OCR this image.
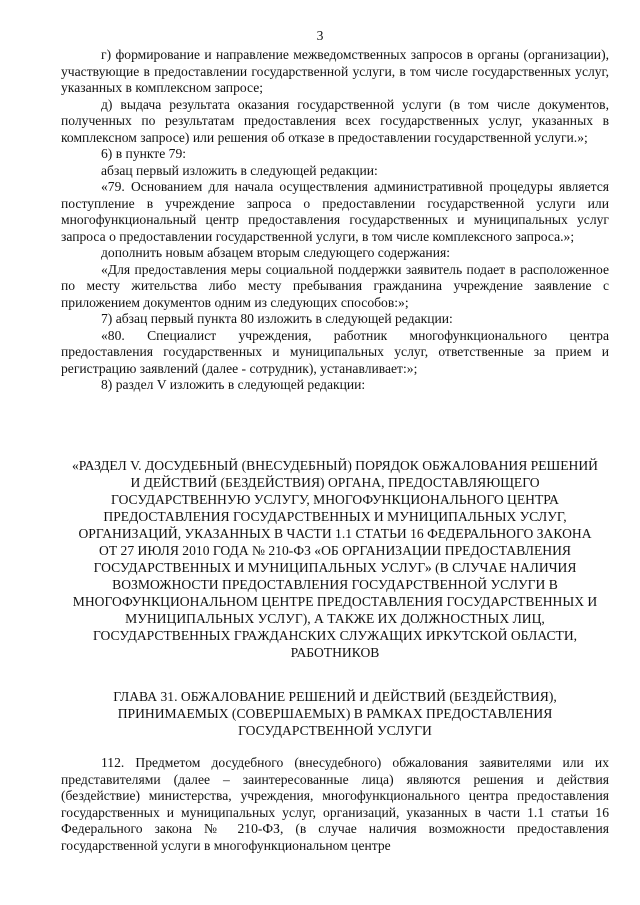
3

г) формирование и направление межведомственных запросов в органы (организации), участвующие в предоставлении государственной услуги, в том числе государственных услуг, указанных в комплексном запросе;

д) выдача результата оказания государственной услуги (в том числе документов, полученных по результатам предоставления всех государственных услуг, указанных в комплексном запросе) или решения об отказе в предоставлении государственной услуги.»;

6) в пункте 79:

абзац первый изложить в следующей редакции:

«79. Основанием для начала осуществления административной процедуры является поступление в учреждение запроса о предоставлении государственной услуги или многофункциональный центр предоставления государственных и муниципальных услуг запроса о предоставлении государственной услуги, в том числе комплексного запроса.»;

дополнить новым абзацем вторым следующего содержания:

«Для предоставления меры социальной поддержки заявитель подает в расположенное по месту жительства либо месту пребывания гражданина учреждение заявление с приложением документов одним из следующих способов:»;

7) абзац первый пункта 80 изложить в следующей редакции:

«80. Специалист учреждения, работник многофункционального центра предоставления государственных и муниципальных услуг, ответственные за прием и регистрацию заявлений (далее - сотрудник), устанавливает:»;

8) раздел V изложить в следующей редакции:

«РАЗДЕЛ V. ДОСУДЕБНЫЙ (ВНЕСУДЕБНЫЙ) ПОРЯДОК ОБЖАЛОВАНИЯ РЕШЕНИЙ И ДЕЙСТВИЙ (БЕЗДЕЙСТВИЯ) ОРГАНА, ПРЕДОСТАВЛЯЮЩЕГО ГОСУДАРСТВЕННУЮ УСЛУГУ, МНОГОФУНКЦИОНАЛЬНОГО ЦЕНТРА ПРЕДОСТАВЛЕНИЯ ГОСУДАРСТВЕННЫХ И МУНИЦИПАЛЬНЫХ УСЛУГ, ОРГАНИЗАЦИЙ, УКАЗАННЫХ В ЧАСТИ 1.1 СТАТЬИ 16 ФЕДЕРАЛЬНОГО ЗАКОНА ОТ 27 ИЮЛЯ 2010 ГОДА № 210-ФЗ «ОБ ОРГАНИЗАЦИИ ПРЕДОСТАВЛЕНИЯ ГОСУДАРСТВЕННЫХ И МУНИЦИПАЛЬНЫХ УСЛУГ» (В СЛУЧАЕ НАЛИЧИЯ ВОЗМОЖНОСТИ ПРЕДОСТАВЛЕНИЯ ГОСУДАРСТВЕННОЙ УСЛУГИ В МНОГОФУНКЦИОНАЛЬНОМ ЦЕНТРЕ ПРЕДОСТАВЛЕНИЯ ГОСУДАРСТВЕННЫХ И МУНИЦИПАЛЬНЫХ УСЛУГ), А ТАКЖЕ ИХ ДОЛЖНОСТНЫХ ЛИЦ, ГОСУДАРСТВЕННЫХ ГРАЖДАНСКИХ СЛУЖАЩИХ ИРКУТСКОЙ ОБЛАСТИ, РАБОТНИКОВ
ГЛАВА 31. ОБЖАЛОВАНИЕ РЕШЕНИЙ И ДЕЙСТВИЙ (БЕЗДЕЙСТВИЯ), ПРИНИМАЕМЫХ (СОВЕРШАЕМЫХ) В РАМКАХ ПРЕДОСТАВЛЕНИЯ ГОСУДАРСТВЕННОЙ УСЛУГИ

112. Предметом досудебного (внесудебного) обжалования заявителями или их представителями (далее – заинтересованные лица) являются решения и действия (бездействие) министерства, учреждения, многофункционального центра предоставления государственных и муниципальных услуг, организаций, указанных в части 1.1 статьи 16 Федерального закона № 210-ФЗ, (в случае наличия возможности предоставления государственной услуги в многофункциональном центре
